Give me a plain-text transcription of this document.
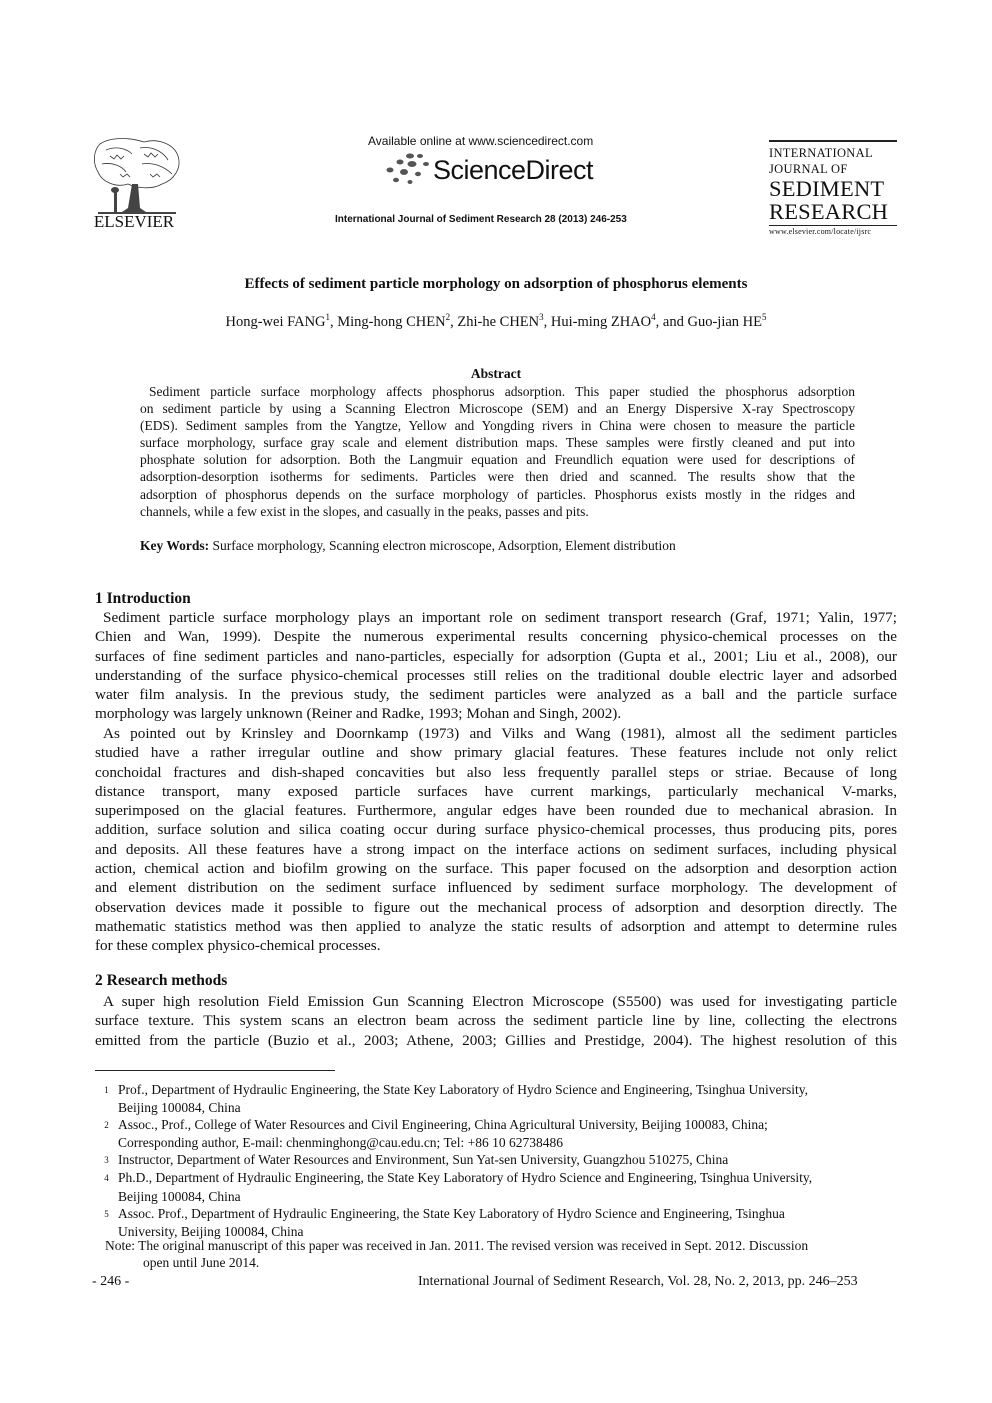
ELSEVIER
Available online at www.sciencedirect.com
ScienceDirect
International Journal of Sediment Research 28 (2013) 246-253
INTERNATIONAL
JOURNAL OF
SEDIMENT
RESEARCH
www.elsevier.com/locate/ijsrc
Effects of sediment particle morphology on adsorption of phosphorus elements
Hong-wei FANG$^1$, Ming-hong CHEN$^2$, Zhi-he CHEN$^3$, Hui-ming ZHAO$^4$, and Guo-jian $HE^5$
Abstract
Sediment particle surface morphology affects phosphorus adsorption. This paper studied the phosphorus adsorption
on sediment particle by using a Scanning Electron Microscope (SEM) and an Energy Dispersive X-ray Spectroscopy
(EDS). Sediment samples from the Yangtze, Yellow and Yongding rivers in China were chosen to measure the particle
surface morphology, surface gray scale and element distribution maps. These samples were firstly cleaned and put into
phosphate solution for adsorption. Both the Langmuir equation and Freundlich equation were used for descriptions of
adsorption-desorption isotherms for sediments. Particles were then dried and scanned. The results show that the
adsorption of phosphorus depends on the surface morphology of particles. Phosphorus exists mostly in the ridges and
channels, while a few exist in the slopes, and casually in the peaks, passes and pits.
Key Words: Surface morphology, Scanning electron microscope, Adsorption, Element distribution
1 Introduction
Sediment particle surface morphology plays an important role on sediment transport research (Graf, 1971; Yalin, 1977;
Chien and Wan, 1999). Despite the numerous experimental results concerning physico-chemical processes on the
surfaces of fine sediment particles and nano-particles, especially for adsorption (Gupta et al., 2001; Liu et al., 2008), our
understanding of the surface physico-chemical processes still relies on the traditional double electric layer and adsorbed
water film analysis. In the previous study, the sediment particles were analyzed as a ball and the particle surface
morphology was largely unknown (Reiner and Radke, 1993; Mohan and Singh, 2002).
As pointed out by Krinsley and Doornkamp (1973) and Vilks and Wang (1981), almost all the sediment particles
studied have a rather irregular outline and show primary glacial features. These features include not only relict
conchoidal fractures and dish-shaped concavities but also less frequently parallel steps or striae. Because of long
distance transport, many exposed particle surfaces have current markings, particularly mechanical V-marks,
superimposed on the glacial features. Furthermore, angular edges have been rounded due to mechanical abrasion. In
addition, surface solution and silica coating occur during surface physico-chemical processes, thus producing pits, pores
and deposits. All these features have a strong impact on the interface actions on sediment surfaces, including physical
action, chemical action and biofilm growing on the surface. This paper focused on the adsorption and desorption action
and element distribution on the sediment surface influenced by sediment surface morphology. The development of
observation devices made it possible to figure out the mechanical process of adsorption and desorption directly. The
mathematic statistics method was then applied to analyze the static results of adsorption and attempt to determine rules
for these complex physico-chemical processes.
2 Research methods
A super high resolution Field Emission Gun Scanning Electron Microscope (S5500) was used for investigating particle
surface texture. This system scans an electron beam across the sediment particle line by line, collecting the electrons
emitted from the particle (Buzio et al., 2003; Athene, 2003; Gillies and Prestidge, 2004). The highest resolution of this
1 Prof., Department of Hydraulic Engineering, the State Key Laboratory of Hydro Science and Engineering, Tsinghua University,
Beijing 100084, China
2 Assoc., Prof., College of Water Resources and Civil Engineering, China Agricultural University, Beijing 100083, China;
Corresponding author, E-mail: chenminghong@cau.edu.cn; Tel: +86 10 62738486
3 Instructor, Department of Water Resources and Environment, Sun Yat-sen University, Guangzhou 510275, China
4 Ph.D., Department of Hydraulic Engineering, the State Key Laboratory of Hydro Science and Engineering, Tsinghua University,
Beijing 100084, China
5 Assoc. Prof., Department of Hydraulic Engineering, the State Key Laboratory of Hydro Science and Engineering, Tsinghua
University, Beijing 100084, China
Note: The original manuscript of this paper was received in Jan. 2011. The revised version was received in Sept. 2012. Discussion
open until June 2014.
- 246 -	International Journal of Sediment Research, Vol. 28, No. 2, 2013, pp. 246–253
